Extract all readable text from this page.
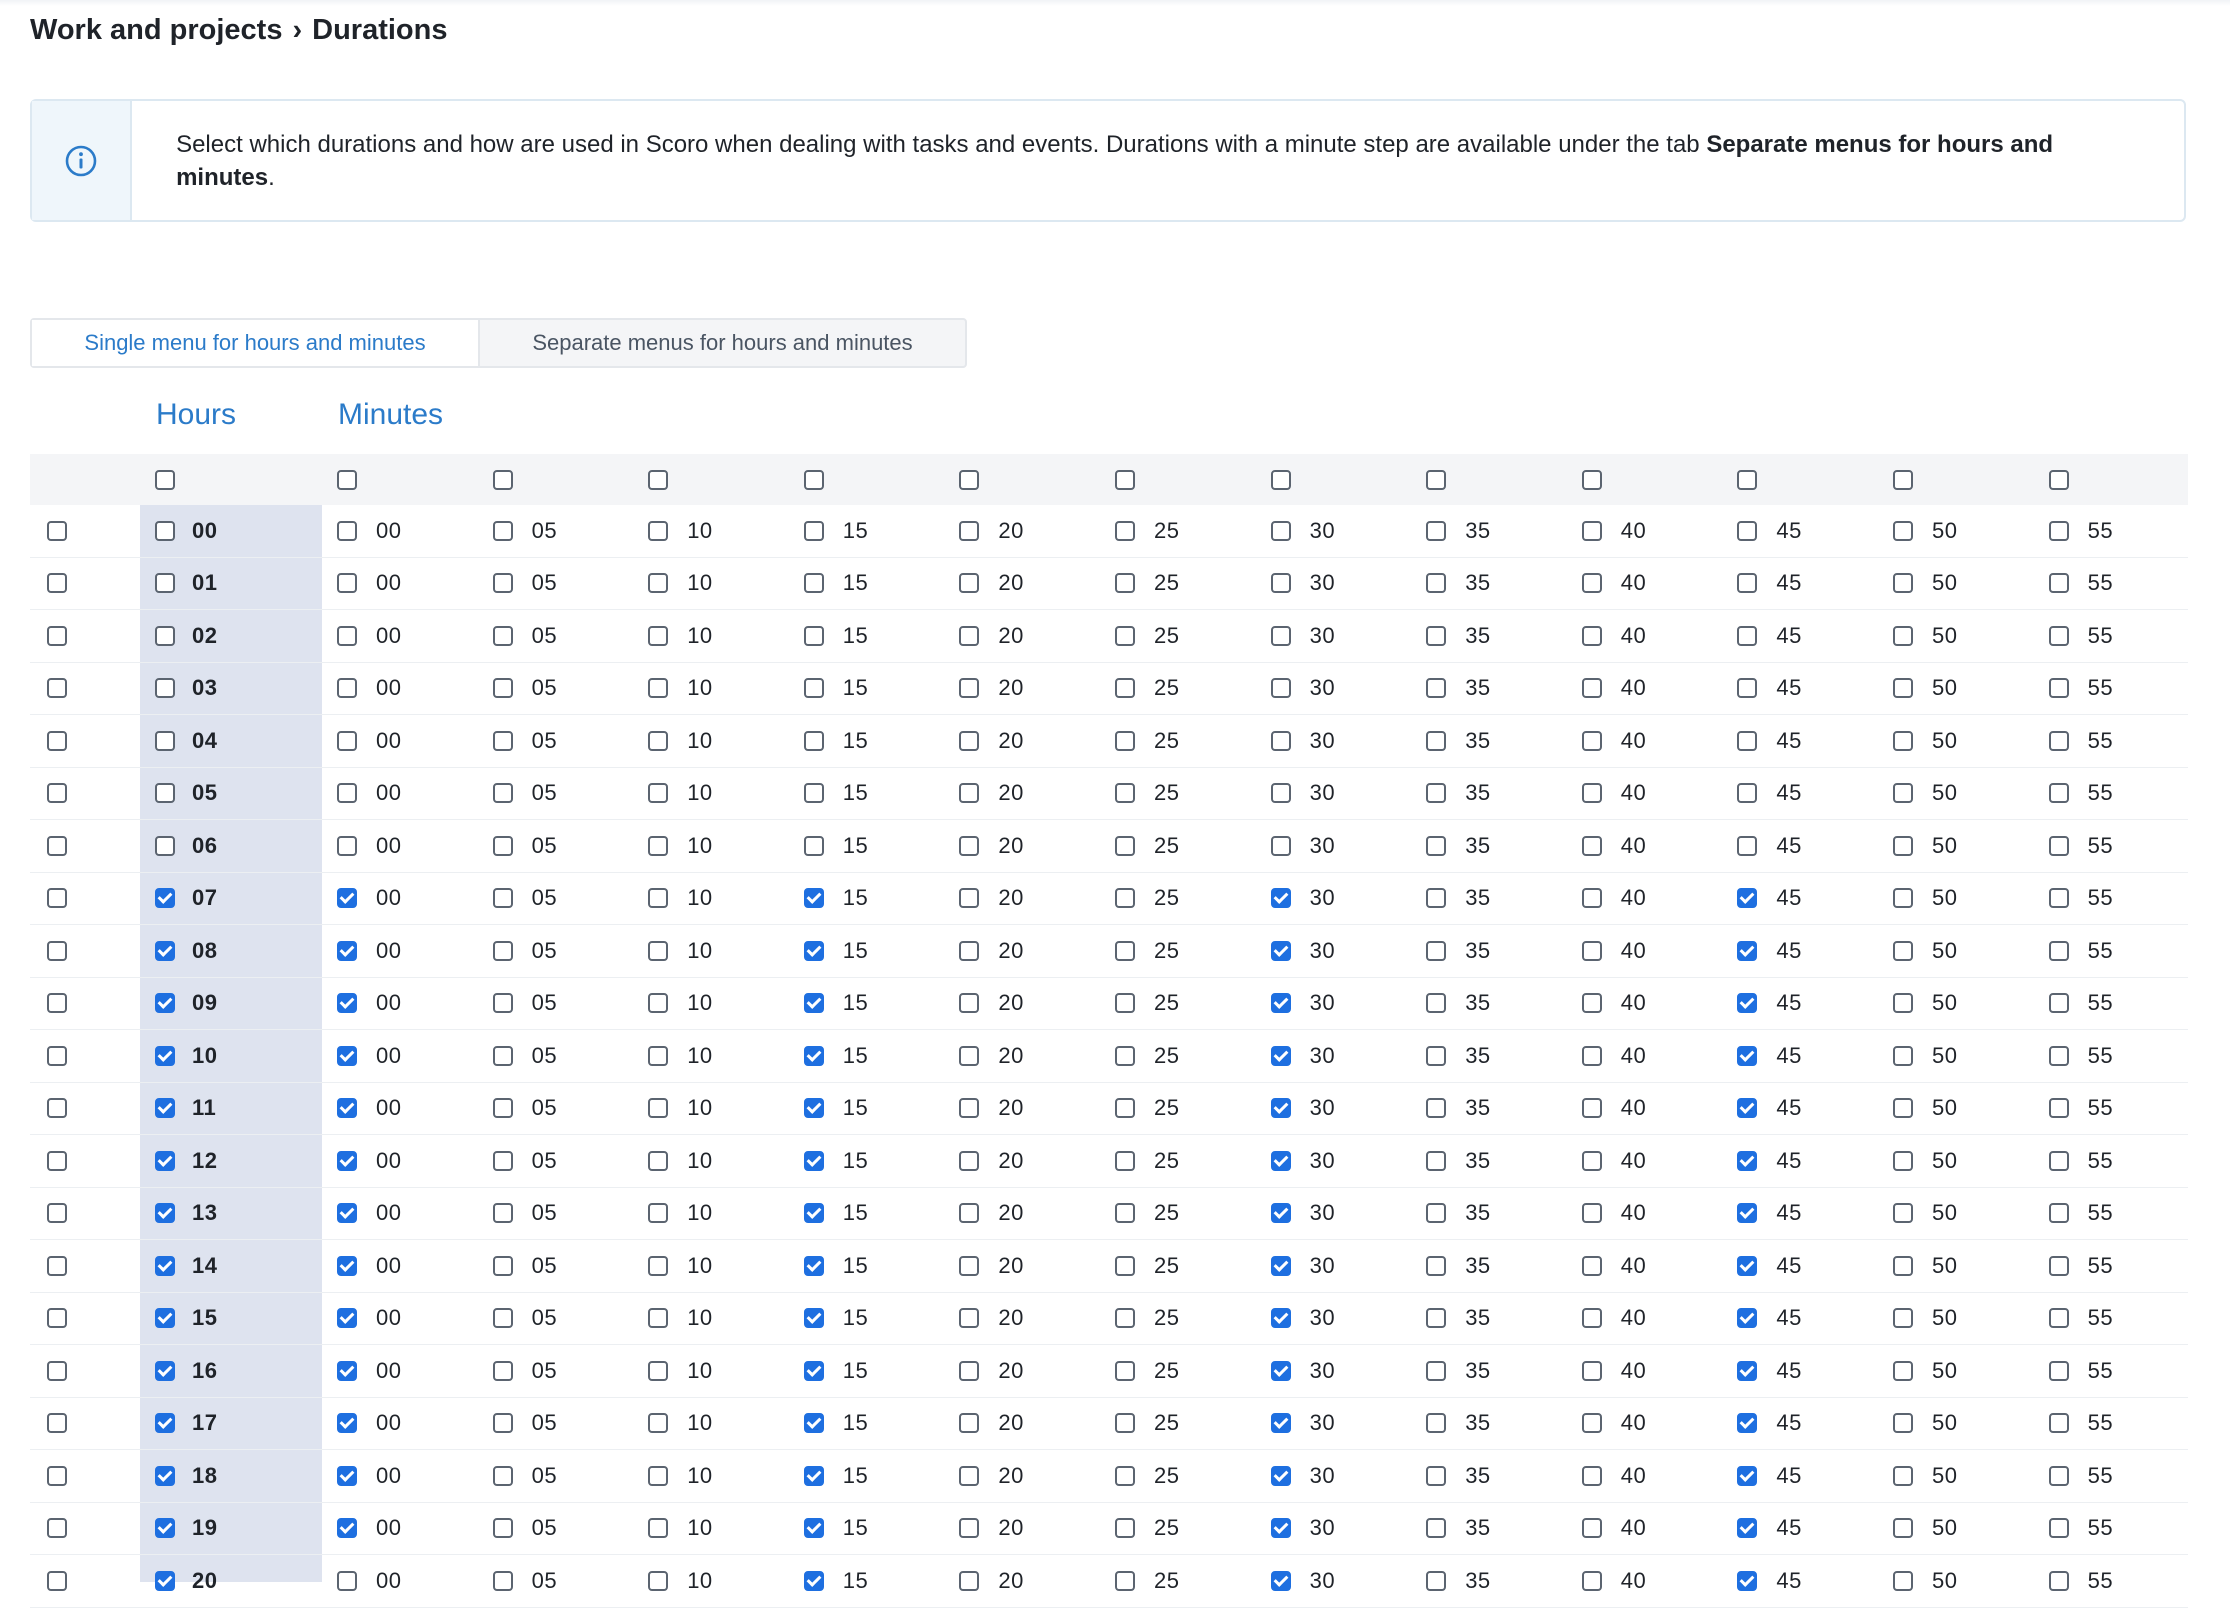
Work and projects › Durations
Select which durations and how are used in Scoro when dealing with tasks and events. Durations with a minute step are available under the tab Separate menus for hours and minutes.
Single menu for hours and minutes	Separate menus for hours and minutes
Hours	Minutes
00	00	05	10	15	20	25	30	35	40	45	50	55
01	00	05	10	15	20	25	30	35	40	45	50	55
02	00	05	10	15	20	25	30	35	40	45	50	55
03	00	05	10	15	20	25	30	35	40	45	50	55
04	00	05	10	15	20	25	30	35	40	45	50	55
05	00	05	10	15	20	25	30	35	40	45	50	55
06	00	05	10	15	20	25	30	35	40	45	50	55
07	00	05	10	15	20	25	30	35	40	45	50	55
08	00	05	10	15	20	25	30	35	40	45	50	55
09	00	05	10	15	20	25	30	35	40	45	50	55
10	00	05	10	15	20	25	30	35	40	45	50	55
11	00	05	10	15	20	25	30	35	40	45	50	55
12	00	05	10	15	20	25	30	35	40	45	50	55
13	00	05	10	15	20	25	30	35	40	45	50	55
14	00	05	10	15	20	25	30	35	40	45	50	55
15	00	05	10	15	20	25	30	35	40	45	50	55
16	00	05	10	15	20	25	30	35	40	45	50	55
17	00	05	10	15	20	25	30	35	40	45	50	55
18	00	05	10	15	20	25	30	35	40	45	50	55
19	00	05	10	15	20	25	30	35	40	45	50	55
20	00	05	10	15	20	25	30	35	40	45	50	55
